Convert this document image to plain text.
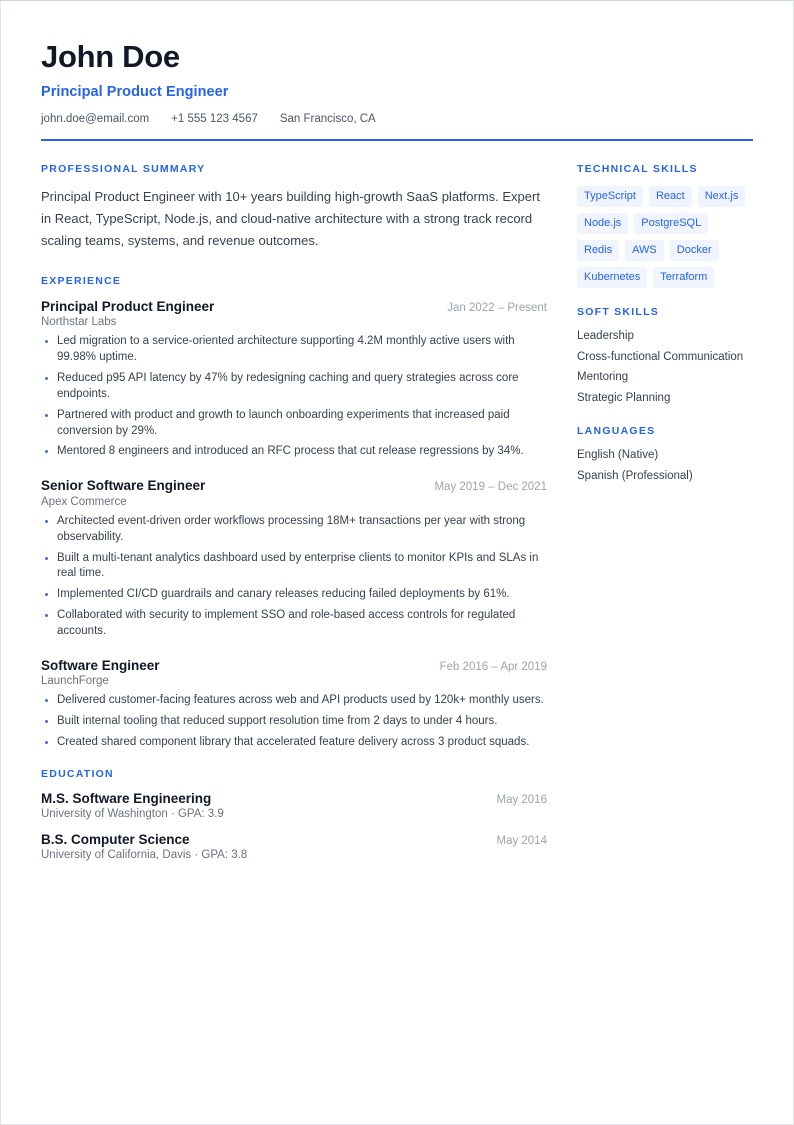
John Doe
Principal Product Engineer
john.doe@email.com +1 555 123 4567 San Francisco, CA
PROFESSIONAL SUMMARY

Principal Product Engineer with 10+ years building high-growth SaaS platforms. Expert in React, TypeScript, Node.js, and cloud-native architecture with a strong track record scaling teams, systems, and revenue outcomes.

EXPERIENCE
Principal Product Engineer	Jan 2022 – Present
Northstar Labs
Led migration to a service-oriented architecture supporting 4.2M monthly active users with 99.98% uptime.
Reduced p95 API latency by 47% by redesigning caching and query strategies across core endpoints.
Partnered with product and growth to launch onboarding experiments that increased paid conversion by 29%.
Mentored 8 engineers and introduced an RFC process that cut release regressions by 34%.
Senior Software Engineer	May 2019 – Dec 2021
Apex Commerce
Architected event-driven order workflows processing 18M+ transactions per year with strong observability.
Built a multi-tenant analytics dashboard used by enterprise clients to monitor KPIs and SLAs in real time.
Implemented CI/CD guardrails and canary releases reducing failed deployments by 61%.
Collaborated with security to implement SSO and role-based access controls for regulated accounts.
Software Engineer	Feb 2016 – Apr 2019
LaunchForge
Delivered customer-facing features across web and API products used by 120k+ monthly users.
Built internal tooling that reduced support resolution time from 2 days to under 4 hours.
Created shared component library that accelerated feature delivery across 3 product squads.
EDUCATION
M.S. Software Engineering	May 2016
University of Washington · GPA: 3.9
B.S. Computer Science	May 2014
University of California, Davis · GPA: 3.8
TECHNICAL SKILLS
TypeScript	React	Next.js
Node.js	PostgreSQL
Redis	AWS	Docker
Kubernetes	Terraform
SOFT SKILLS
Leadership
Cross-functional Communication
Mentoring
Strategic Planning
LANGUAGES
English (Native)
Spanish (Professional)
